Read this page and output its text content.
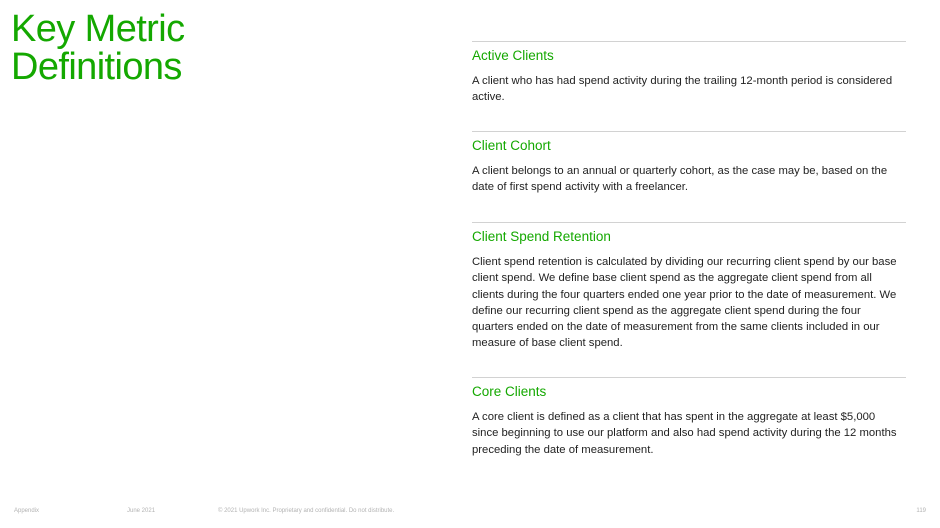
Key Metric
Definitions	Active Clients
A client who has had spend activity during the trailing 12-month period is considered active.
Client Cohort
A client belongs to an annual or quarterly cohort, as the case may be, based on the date of first spend activity with a freelancer.
Client Spend Retention
Client spend retention is calculated by dividing our recurring client spend by our base client spend. We define base client spend as the aggregate client spend from all clients during the four quarters ended one year prior to the date of measurement. We define our recurring client spend as the aggregate client spend during the four quarters ended on the date of measurement from the same clients included in our measure of base client spend.
Core Clients
A core client is defined as a client that has spent in the aggregate at least $5,000 since beginning to use our platform and also had spend activity during the 12 months preceding the date of measurement.
Appendix	June 2021	© 2021 Upwork Inc. Proprietary and confidential. Do not distribute.	119
